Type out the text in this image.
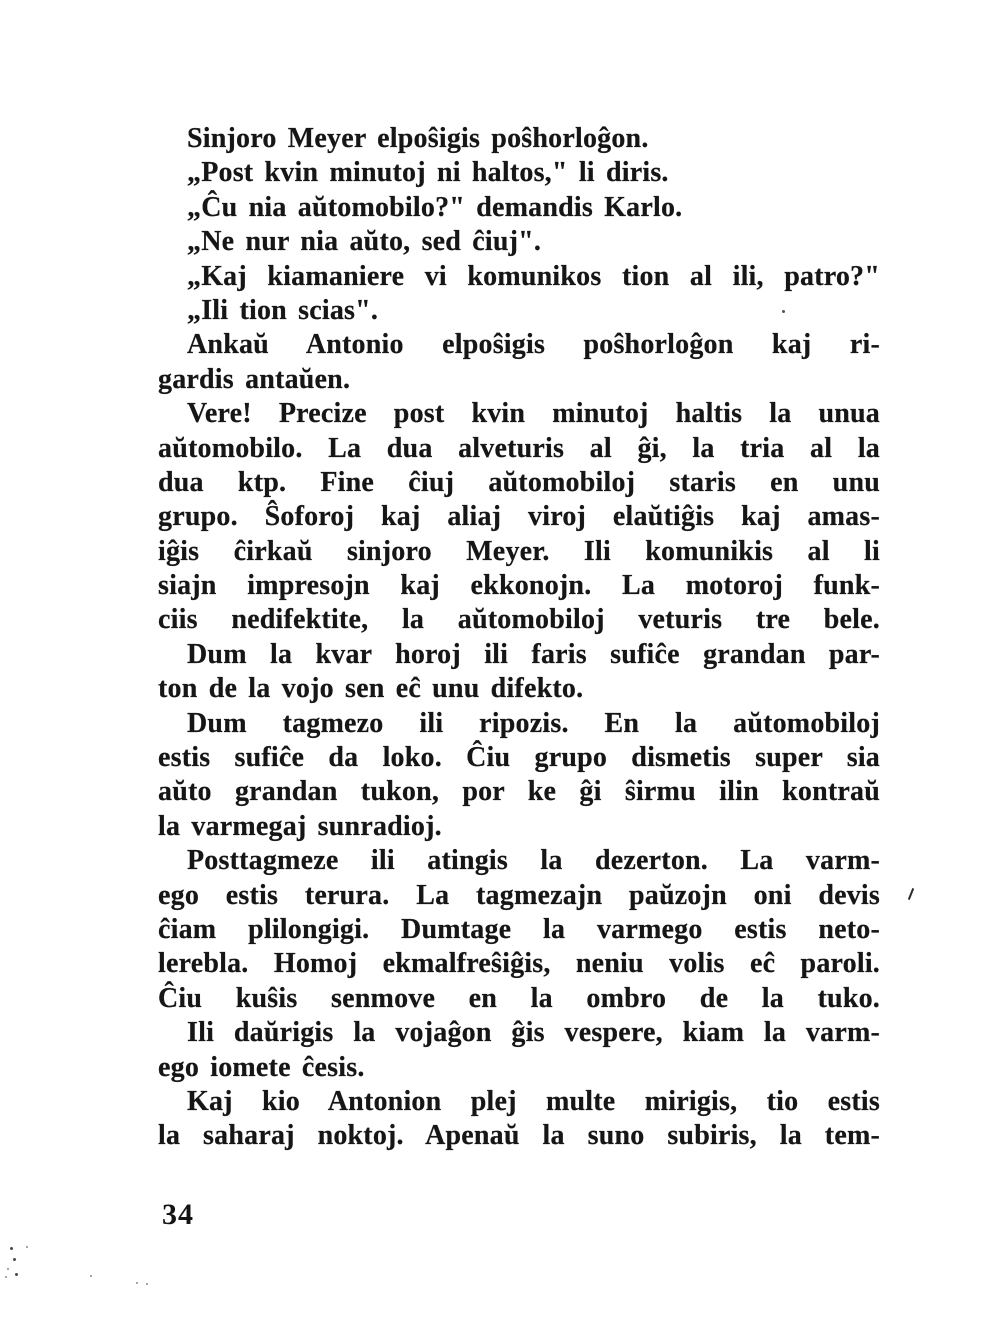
Sinjoro Meyer elpoŝigis poŝhorloĝon.
„Post kvin minutoj ni haltos," li diris.
„Ĉu nia aŭtomobilo?" demandis Karlo.
„Ne nur nia aŭto, sed ĉiuj".
„Kaj kiamaniere vi komunikos tion al ili, patro?"
„Ili tion scias".
Ankaŭ Antonio elpoŝigis poŝhorloĝon kaj ri-
gardis antaŭen.
Vere! Precize post kvin minutoj haltis la unua
aŭtomobilo. La dua alveturis al ĝi, la tria al la
dua ktp. Fine ĉiuj aŭtomobiloj staris en unu
grupo. Ŝoforoj kaj aliaj viroj elaŭtiĝis kaj amas-
iĝis ĉirkaŭ sinjoro Meyer. Ili komunikis al li
siajn impresojn kaj ekkonojn. La motoroj funk-
ciis nedifektite, la aŭtomobiloj veturis tre bele.
Dum la kvar horoj ili faris sufiĉe grandan par-
ton de la vojo sen eĉ unu difekto.
Dum tagmezo ili ripozis. En la aŭtomobiloj
estis sufiĉe da loko. Ĉiu grupo dismetis super sia
aŭto grandan tukon, por ke ĝi ŝirmu ilin kontraŭ
la varmegaj sunradioj.
Posttagmeze ili atingis la dezerton. La varm-
ego estis terura. La tagmezajn paŭzojn oni devis
ĉiam plilongigi. Dumtage la varmego estis neto-
lerebla. Homoj ekmalfreŝiĝis, neniu volis eĉ paroli.
Ĉiu kuŝis senmove en la ombro de la tuko.
Ili daŭrigis la vojaĝon ĝis vespere, kiam la varm-
ego iomete ĉesis.
Kaj kio Antonion plej multe mirigis, tio estis
la saharaj noktoj. Apenaŭ la suno subiris, la tem-
34
